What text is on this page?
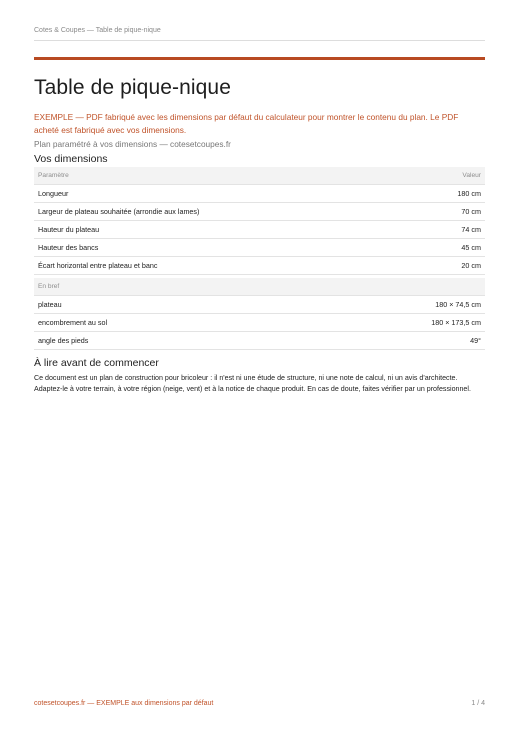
Cotes & Coupes — Table de pique-nique
Table de pique-nique

EXEMPLE — PDF fabriqué avec les dimensions par défaut du calculateur pour montrer le contenu du plan. Le PDF acheté est fabriqué avec vos dimensions.

Plan paramétré à vos dimensions — cotesetcoupes.fr

Vos dimensions
Paramètre	Valeur
Longueur	180 cm
Largeur de plateau souhaitée (arrondie aux lames)	70 cm
Hauteur du plateau	74 cm
Hauteur des bancs	45 cm
Écart horizontal entre plateau et banc	20 cm
En bref	
plateau	180 × 74,5 cm
encombrement au sol	180 × 173,5 cm
angle des pieds	49°
À lire avant de commencer

Ce document est un plan de construction pour bricoleur : il n'est ni une étude de structure, ni une note de calcul, ni un avis d'architecte. Adaptez-le à votre terrain, à votre région (neige, vent) et à la notice de chaque produit. En cas de doute, faites vérifier par un professionnel.

cotesetcoupes.fr — EXEMPLE aux dimensions par défaut	1 / 4
